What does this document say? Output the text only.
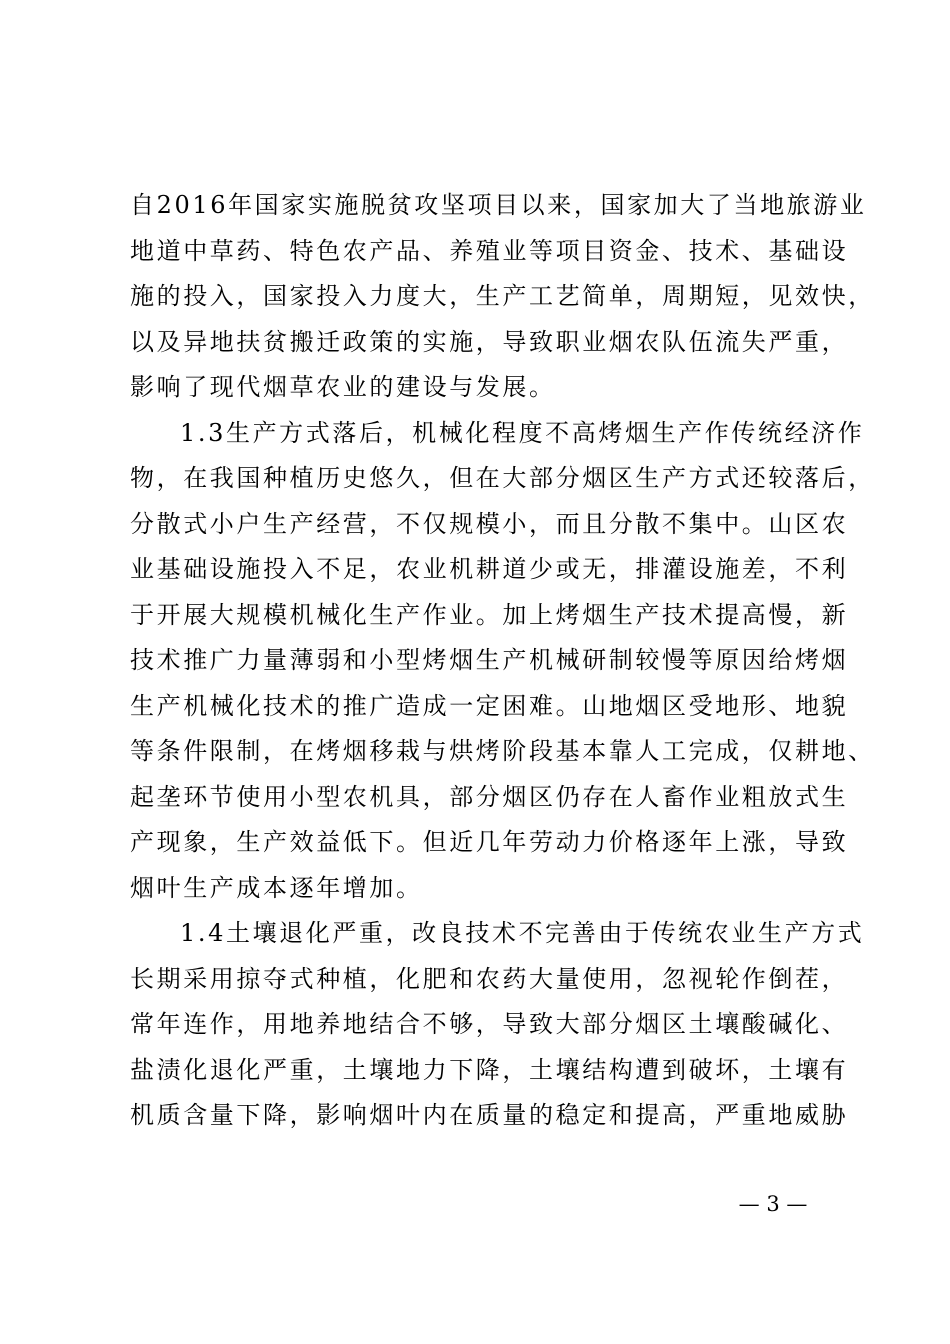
自2016年国家实施脱贫攻坚项目以来，国家加大了当地旅游业
地道中草药、特色农产品、养殖业等项目资金、技术、基础设
施的投入，国家投入力度大，生产工艺简单，周期短，见效快，
以及异地扶贫搬迁政策的实施，导致职业烟农队伍流失严重，
影响了现代烟草农业的建设与发展。
1.3生产方式落后，机械化程度不高烤烟生产作传统经济作
物，在我国种植历史悠久，但在大部分烟区生产方式还较落后，
分散式小户生产经营，不仅规模小，而且分散不集中。山区农
业基础设施投入不足，农业机耕道少或无，排灌设施差，不利
于开展大规模机械化生产作业。加上烤烟生产技术提高慢，新
技术推广力量薄弱和小型烤烟生产机械研制较慢等原因给烤烟
生产机械化技术的推广造成一定困难。山地烟区受地形、地貌
等条件限制，在烤烟移栽与烘烤阶段基本靠人工完成，仅耕地、
起垄环节使用小型农机具，部分烟区仍存在人畜作业粗放式生
产现象，生产效益低下。但近几年劳动力价格逐年上涨，导致
烟叶生产成本逐年增加。
1.4土壤退化严重，改良技术不完善由于传统农业生产方式
长期采用掠夺式种植，化肥和农药大量使用，忽视轮作倒茬，
常年连作，用地养地结合不够，导致大部分烟区土壤酸碱化、
盐渍化退化严重，土壤地力下降，土壤结构遭到破坏，土壤有
机质含量下降，影响烟叶内在质量的稳定和提高，严重地威胁
— 3 —
